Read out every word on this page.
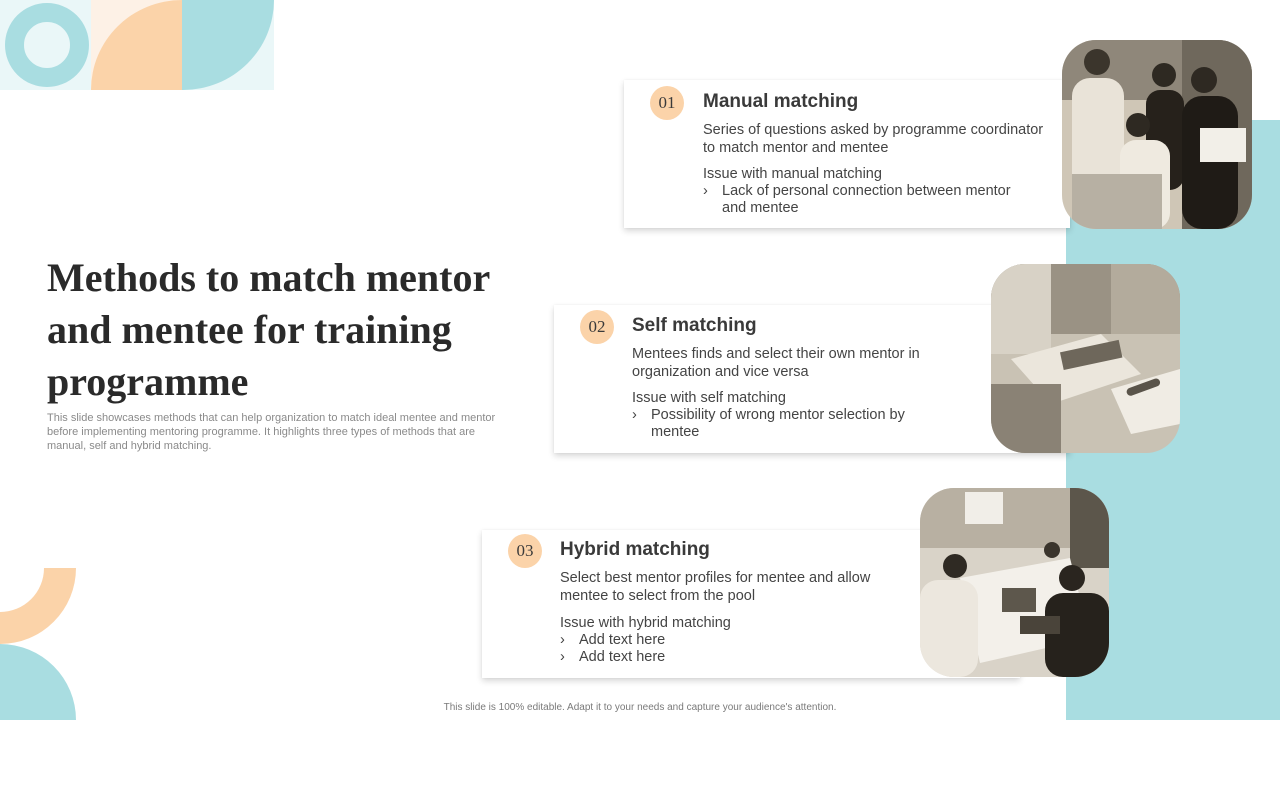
Methods to match mentor and mentee for training programme

This slide showcases methods that can help organization to match ideal mentee and mentor before implementing mentoring programme. It highlights three types of methods that are manual, self and hybrid matching.

01	Manual matching

Series of questions asked by programme coordinator to match mentor and mentee

Issue with manual matching

› Lack of personal connection between mentor and mentee
02	Self matching

Mentees finds and select their own mentor in organization and vice versa

Issue with self matching

› Possibility of wrong mentor selection by mentee
03	Hybrid matching

Select best mentor profiles for mentee and allow mentee to select from the pool

Issue with hybrid matching

› Add text here
› Add text here
This slide is 100% editable. Adapt it to your needs and capture your audience's attention.
